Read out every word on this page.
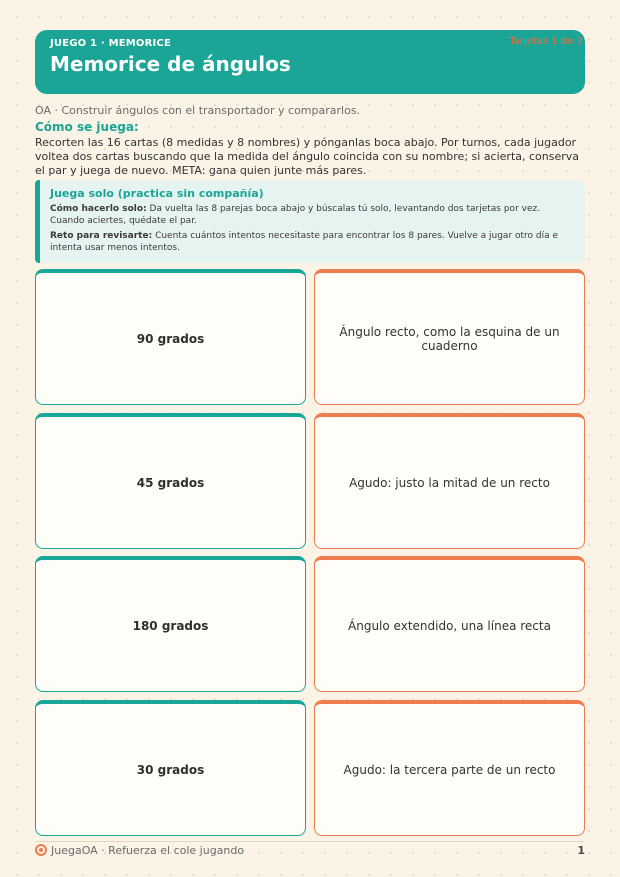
JUEGO 1 · MEMORICE
Memorice de ángulos
Tarjetas 1 de 3
OA · Construir ángulos con el transportador y compararlos.
Cómo se juega:
Recorten las 16 cartas (8 medidas y 8 nombres) y pónganlas boca abajo. Por turnos, cada jugador voltea dos cartas buscando que la medida del ángulo coincida con su nombre; si acierta, conserva el par y juega de nuevo. META: gana quien junte más pares.
Juega solo (practica sin compañía)

Cómo hacerlo solo: Da vuelta las 8 parejas boca abajo y búscalas tú solo, levantando dos tarjetas por vez. Cuando aciertes, quédate el par.

Reto para revisarte: Cuenta cuántos intentos necesitaste para encontrar los 8 pares. Vuelve a jugar otro día e intenta usar menos intentos.

90 grados	Ángulo recto, como la esquina de un cuaderno
45 grados	Agudo: justo la mitad de un recto
180 grados	Ángulo extendido, una línea recta
30 grados	Agudo: la tercera parte de un recto
JuegaOA · Refuerza el cole jugando	1
